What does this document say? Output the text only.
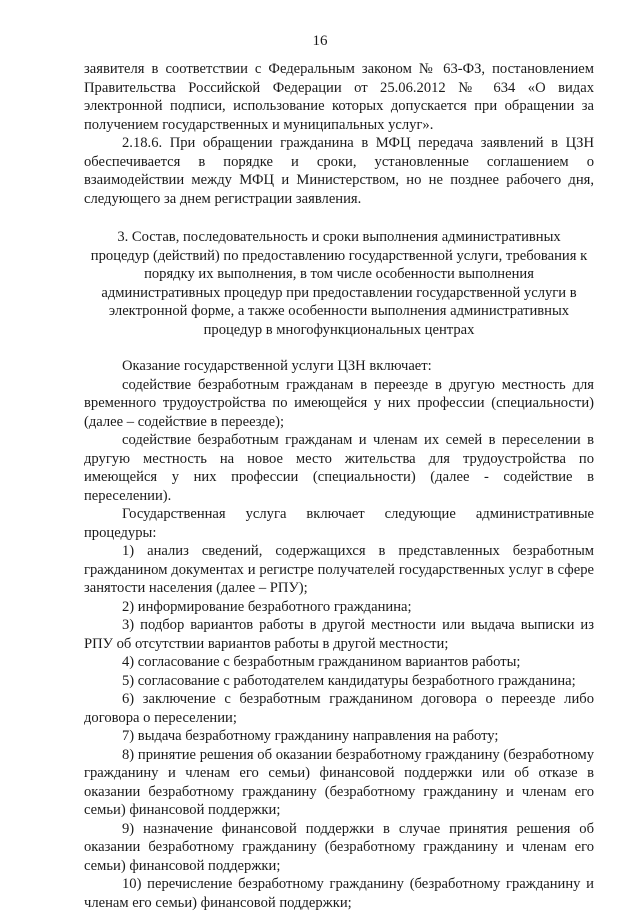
16

заявителя в соответствии с Федеральным законом № 63-ФЗ, постановлением Правительства Российской Федерации от 25.06.2012 № 634 «О видах электронной подписи, использование которых допускается при обращении за получением государственных и муниципальных услуг».

2.18.6. При обращении гражданина в МФЦ передача заявлений в ЦЗН обеспечивается в порядке и сроки, установленные соглашением о взаимодействии между МФЦ и Министерством, но не позднее рабочего дня, следующего за днем регистрации заявления.

3. Состав, последовательность и сроки выполнения административных
процедур (действий) по предоставлению государственной услуги, требования к
порядку их выполнения, в том числе особенности выполнения
административных процедур при предоставлении государственной услуги в
электронной форме, а также особенности выполнения административных
процедур в многофункциональных центрах

Оказание государственной услуги ЦЗН включает:

содействие безработным гражданам в переезде в другую местность для временного трудоустройства по имеющейся у них профессии (специальности) (далее – содействие в переезде);

содействие безработным гражданам и членам их семей в переселении в другую местность на новое место жительства для трудоустройства по имеющейся у них профессии (специальности) (далее - содействие в переселении).

Государственная услуга включает следующие административные процедуры:

1) анализ сведений, содержащихся в представленных безработным гражданином документах и регистре получателей государственных услуг в сфере занятости населения (далее – РПУ);

2) информирование безработного гражданина;

3) подбор вариантов работы в другой местности или выдача выписки из РПУ об отсутствии вариантов работы в другой местности;

4) согласование с безработным гражданином вариантов работы;

5) согласование с работодателем кандидатуры безработного гражданина;

6) заключение с безработным гражданином договора о переезде либо договора о переселении;

7) выдача безработному гражданину направления на работу;

8) принятие решения об оказании безработному гражданину (безработному гражданину и членам его семьи) финансовой поддержки или об отказе в оказании безработному гражданину (безработному гражданину и членам его семьи) финансовой поддержки;

9) назначение финансовой поддержки в случае принятия решения об оказании безработному гражданину (безработному гражданину и членам его семьи) финансовой поддержки;

10) перечисление безработному гражданину (безработному гражданину и членам его семьи) финансовой поддержки;
